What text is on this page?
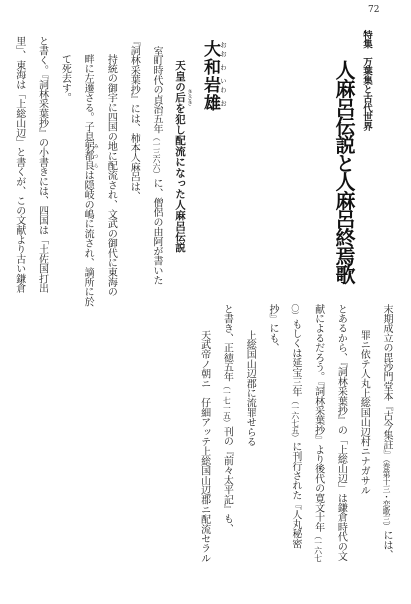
72
特集万葉集と古代世界
人麻呂伝説と人麻呂終焉歌
大 おお和 わ岩 いわ雄 お
天皇の后 きさきを犯し配流になった人麻呂伝説
室町時代の貞治五年（一三六六）に、僧侶の由阿が書いた
『詞林采葉抄』には、柿本人麻呂は、
持統の御宇に四国の地に配流され、文武の御代に東海の
畔に左遷さる。子息躬都良 みつらは隠岐の嶋に流され、謫所に於
て死去す。
と書く。『詞林采葉抄』の小書きには、四国は「土佐国打出
里」、東海は「上総山辺」と書くが、この文献より古い鎌倉
末期成立の毘沙門堂本『古今集註』（巻第十三・恋歌三）には、
罪ニ依テ人丸上総国山辺村ニナガサル
とあるから、『詞林采葉抄』の「上総山辺」は鎌倉時代の文
献によるだろう。『詞林采葉抄』より後代の寛文十年（一六七
〇）もしくは延宝三年（一六七五）に刊行された『人丸秘密
抄』にも、
上総国山辺郡に流罪せらる
と書き、正徳五年（一七一五）刊の『前々太平記』も、
天武帝ノ朝ニ　仔細アッテ上総国山辺郡ニ配流セラル
